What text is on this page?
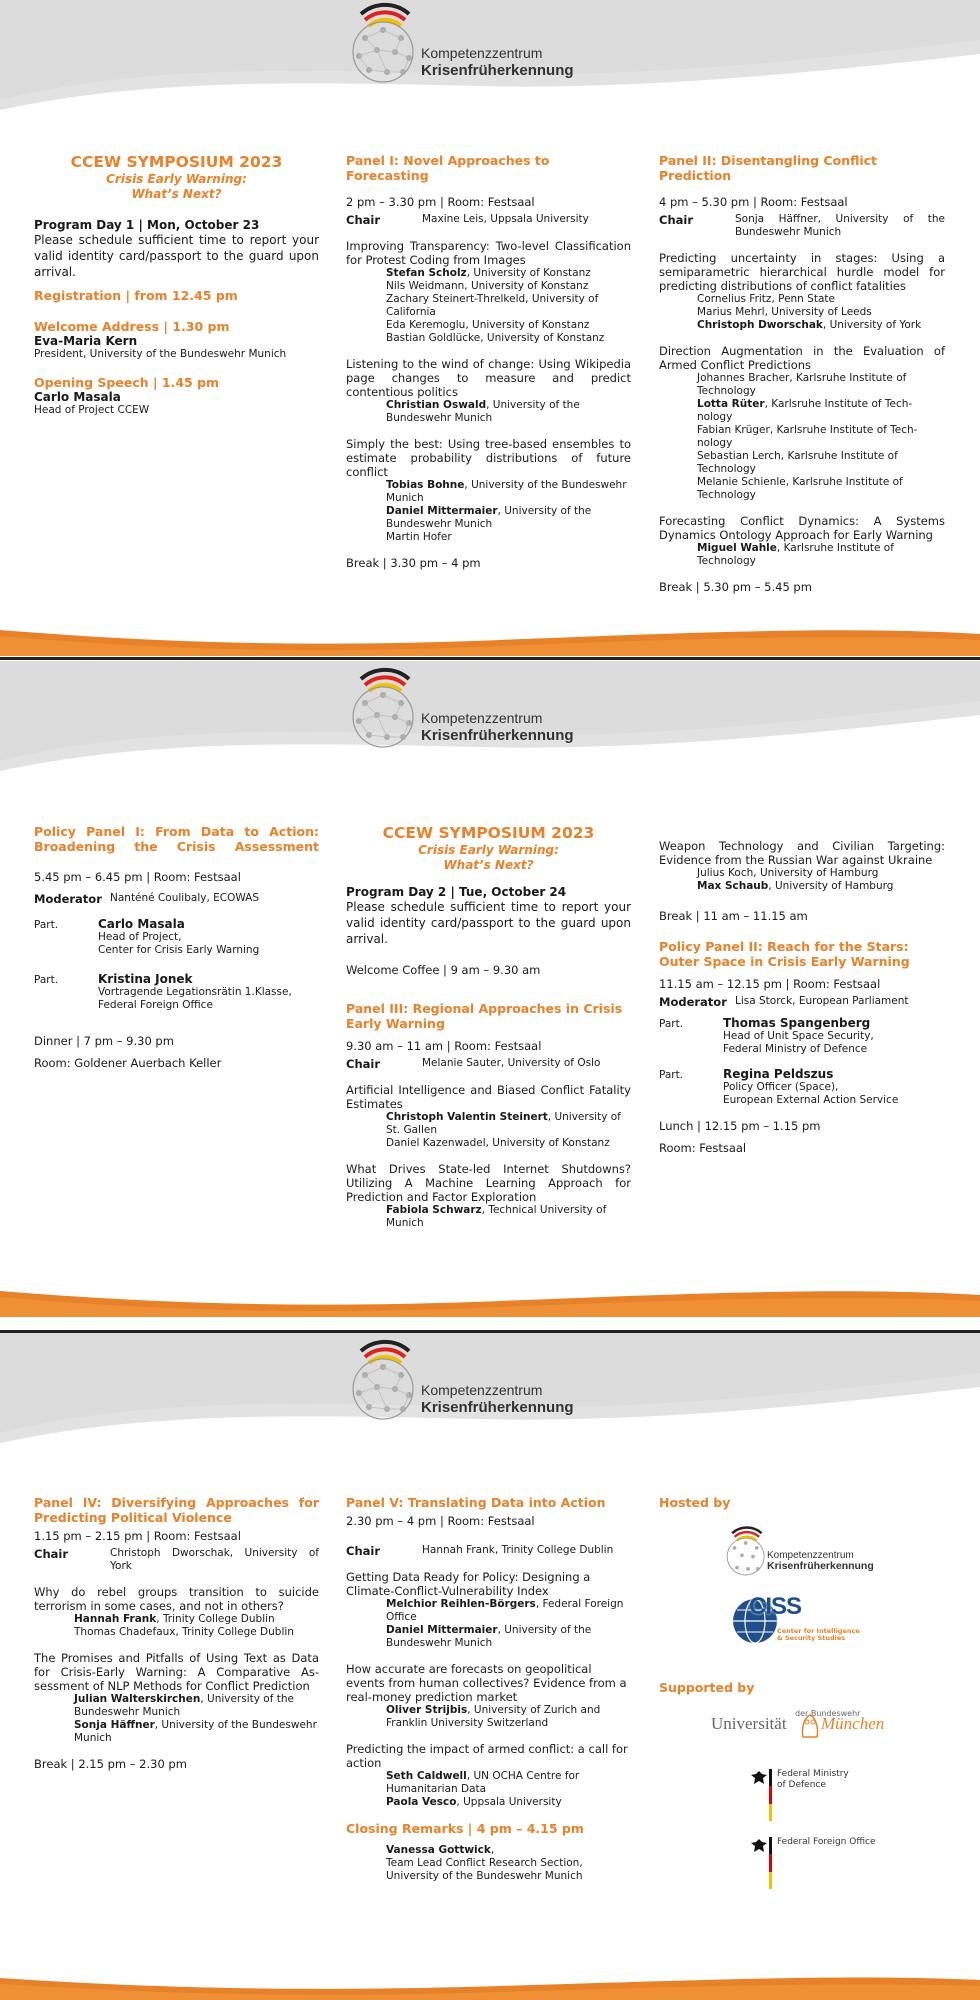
Kompetenzzentrum
Krisenfrüherkennung
CCEW SYMPOSIUM 2023
Crisis Early Warning:
What’s Next?
Program Day 1 | Mon, October 23
Please schedule sufficient time to report your valid identity card/passport to the guard upon arrival.
Registration | from 12.45 pm
Welcome Address | 1.30 pm
Eva-Maria Kern
President, University of the Bundeswehr Munich
Opening Speech | 1.45 pm
Carlo Masala
Head of Project CCEW
Panel I: Novel Approaches to Forecasting
2 pm – 3.30 pm | Room: Festsaal
Chair	Maxine Leis, Uppsala University
Improving Transparency: Two-level Classification for Protest Coding from Images
Stefan Scholz, University of Konstanz
Nils Weidmann, University of Konstanz
Zachary Steinert-Threlkeld, University of California
Eda Keremoglu, University of Konstanz
Bastian Goldlücke, University of Konstanz
Listening to the wind of change: Using Wikipedia page changes to measure and predict contentious politics
Christian Oswald, University of the Bundeswehr Munich
Simply the best: Using tree-based ensembles to estimate probability distributions of future conflict
Tobias Bohne, University of the Bundeswehr Munich
Daniel Mittermaier, University of the Bundeswehr Munich
Martin Hofer
Break | 3.30 pm – 4 pm
Panel II: Disentangling Conflict Prediction
4 pm – 5.30 pm | Room: Festsaal
Chair	Sonja Häffner, University of the Bundeswehr Munich
Predicting uncertainty in stages: Using a semiparametric hierarchical hurdle model for predicting distributions of conflict fatalities
Cornelius Fritz, Penn State
Marius Mehrl, University of Leeds
Christoph Dworschak, University of York
Direction Augmentation in the Evaluation of Armed Conflict Predictions
Johannes Bracher, Karlsruhe Institute of Technology
Lotta Rüter, Karlsruhe Institute of Tech-nology
Fabian Krüger, Karlsruhe Institute of Tech-nology
Sebastian Lerch, Karlsruhe Institute of Technology
Melanie Schienle, Karlsruhe Institute of Technology
Forecasting Conflict Dynamics: A Systems Dynamics Ontology Approach for Early Warning
Miguel Wahle, Karlsruhe Institute of Technology
Break | 5.30 pm – 5.45 pm
Kompetenzzentrum
Krisenfrüherkennung
Policy Panel I: From Data to Action: Broadening the Crisis Assessment
5.45 pm – 6.45 pm | Room: Festsaal
Moderator Nanténé Coulibaly, ECOWAS
Part.	Carlo Masala
Head of Project,
Center for Crisis Early Warning
Part.	Kristina Jonek
Vortragende Legationsrätin 1.Klasse,
Federal Foreign Office
Dinner | 7 pm – 9.30 pm
Room: Goldener Auerbach Keller
CCEW SYMPOSIUM 2023
Crisis Early Warning:
What’s Next?
Program Day 2 | Tue, October 24
Please schedule sufficient time to report your valid identity card/passport to the guard upon arrival.
Welcome Coffee | 9 am – 9.30 am
Panel III: Regional Approaches in Crisis Early Warning
9.30 am – 11 am | Room: Festsaal
Chair	Melanie Sauter, University of Oslo
Artificial Intelligence and Biased Conflict Fatality Estimates
Christoph Valentin Steinert, University of St. Gallen
Daniel Kazenwadel, University of Konstanz
What Drives State-led Internet Shutdowns? Utilizing A Machine Learning Approach for Prediction and Factor Exploration
Fabiola Schwarz, Technical University of Munich
Weapon Technology and Civilian Targeting: Evidence from the Russian War against Ukraine
Julius Koch, University of Hamburg
Max Schaub, University of Hamburg
Break | 11 am – 11.15 am
Policy Panel II: Reach for the Stars: Outer Space in Crisis Early Warning
11.15 am – 12.15 pm | Room: Festsaal
Moderator Lisa Storck, European Parliament
Part.	Thomas Spangenberg
Head of Unit Space Security,
Federal Ministry of Defence
Part.	Regina Peldszus
Policy Officer (Space),
European External Action Service
Lunch | 12.15 pm – 1.15 pm
Room: Festsaal
Kompetenzzentrum
Krisenfrüherkennung
Panel IV: Diversifying Approaches for Predicting Political Violence
1.15 pm – 2.15 pm | Room: Festsaal
Chair	Christoph Dworschak, University of York
Why do rebel groups transition to suicide terrorism in some cases, and not in others?
Hannah Frank, Trinity College Dublin
Thomas Chadefaux, Trinity College Dublin
The Promises and Pitfalls of Using Text as Data for Crisis-Early Warning: A Comparative As-sessment of NLP Methods for Conflict Prediction
Julian Walterskirchen, University of the Bundeswehr Munich
Sonja Häffner, University of the Bundeswehr Munich
Break | 2.15 pm – 2.30 pm
Panel V: Translating Data into Action
2.30 pm – 4 pm | Room: Festsaal
Chair	Hannah Frank, Trinity College Dublin
Getting Data Ready for Policy: Designing a Climate-Conflict-Vulnerability Index
Melchior Reihlen-Börgers, Federal Foreign Office
Daniel Mittermaier, University of the Bundeswehr Munich
How accurate are forecasts on geopolitical events from human collectives? Evidence from a real-money prediction market
Oliver Strijbis, University of Zurich and Franklin University Switzerland
Predicting the impact of armed conflict: a call for action
Seth Caldwell, UN OCHA Centre for Humanitarian Data
Paola Vesco, Uppsala University
Closing Remarks | 4 pm – 4.15 pm
Vanessa Gottwick,
Team Lead Conflict Research Section,
University of the Bundeswehr Munich
Hosted by
Kompetenzzentrum
Krisenfrüherkennung
CISS
Center for Intelligence
& Security Studies
Supported by
der Bundeswehr
Universität München
Federal Ministry
of Defence
Federal Foreign Office
